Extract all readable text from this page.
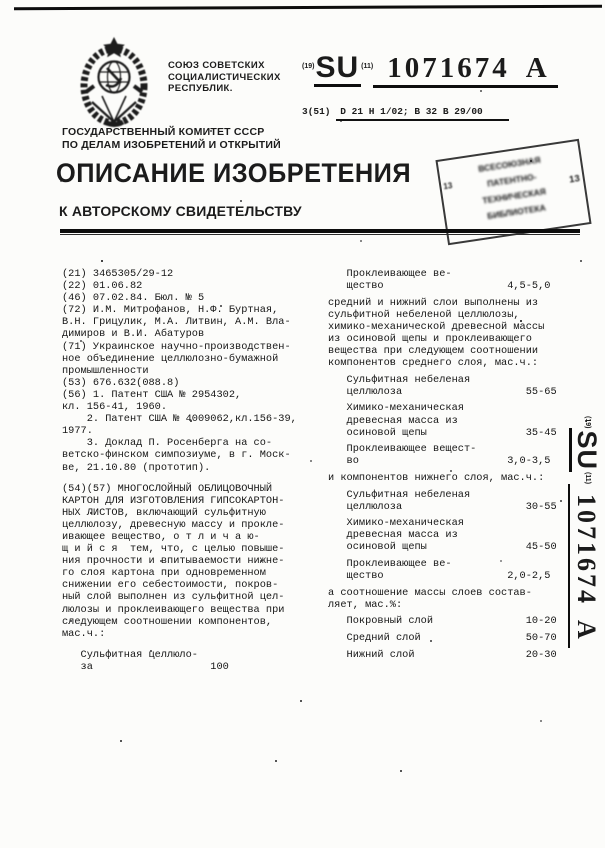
СОЮЗ СОВЕТСКИХ
СОЦИАЛИСТИЧЕСКИХ
РЕСПУБЛИК.
$^{(19)}$SU $^{(11)}$ 1071674 A
3(51) D 21 H 1/02; B 32 B 29/00
ГОСУДАРСТВЕННЫЙ КОМИТЕТ СССР
ПО ДЕЛАМ ИЗОБРЕТЕНИЙ И ОТКРЫТИЙ
ОПИСАНИЕ ИЗОБРЕТЕНИЯ
К АВТОРСКОМУ СВИДЕТЕЛЬСТВУ
ВСЕСОЮЗНАЯ
ПАТЕНТНО-
ТЕХНИЧЕСКАЯ
БИБЛИОТЕКА
13
13
(21) 3465305/29-12
(22) 01.06.82
(46) 07.02.84. Бюл. № 5
(72) И.М. Митрофанов, Н.Ф. Буртная,
В.Н. Грицулик, М.А. Литвин, А.М. Вла-
димиров и В.И. Абатуров
(71) Украинское научно-производствен-
ное объединение целлюлозно-бумажной
промышленности
(53) 676.632(088.8)
(56) 1. Патент США № 2954302,
кл. 156-41, 1960.
2. Патент США № 4009062,кл.156-39,
1977.
3. Доклад П. Росенберга на со-
ветско-финском симпозиуме, в г. Моск-
ве, 21.10.80 (прототип).
(54)(57) МНОГОСЛОЙНЫЙ ОБЛИЦОВОЧНЫЙ
КАРТОН ДЛЯ ИЗГОТОВЛЕНИЯ ГИПСОКАРТОН-
НЫХ ЛИСТОВ, включающий сульфитную
целлюлозу, древесную массу и прокле-
ивающее вещество, о т л и ч а ю-
щ и й с я  тем, что, с целью повыше-
ния прочности и впитываемости нижне-
го слоя картона при одновременном
снижении его себестоимости, покров-
ный слой выполнен из сульфитной цел-
люлозы и проклеивающего вещества при
следующем соотношении компонентов,
мас.ч.:
Сульфитная целлюло-
за                   100
Проклеивающее ве-
щество                    4,5-5,0
средний и нижний слои выполнены из
сульфитной небеленой целлюлозы,
химико-механической древесной массы
из осиновой щепы и проклеивающего
вещества при следующем соотношении
компонентов среднего слоя, мас.ч.:
Сульфитная небеленая
целлюлоза                    55-65
Химико-механическая
древесная масса из
осиновой щепы                35-45
Проклеивающее вещест-
во                        3,0-3,5
и компонентов нижнего слоя, мас.ч.:
Сульфитная небеленая
целлюлоза                    30-55
Химико-механическая
древесная масса из
осиновой щепы                45-50
Проклеивающее ве-
щество                    2,0-2,5
а соотношение массы слоев состав-
ляет, мас.%:
Покровный слой               10-20
Средний слой                 50-70
Нижний слой                  20-30
$^{(19)}$SU$^{(11)}$1071674A
